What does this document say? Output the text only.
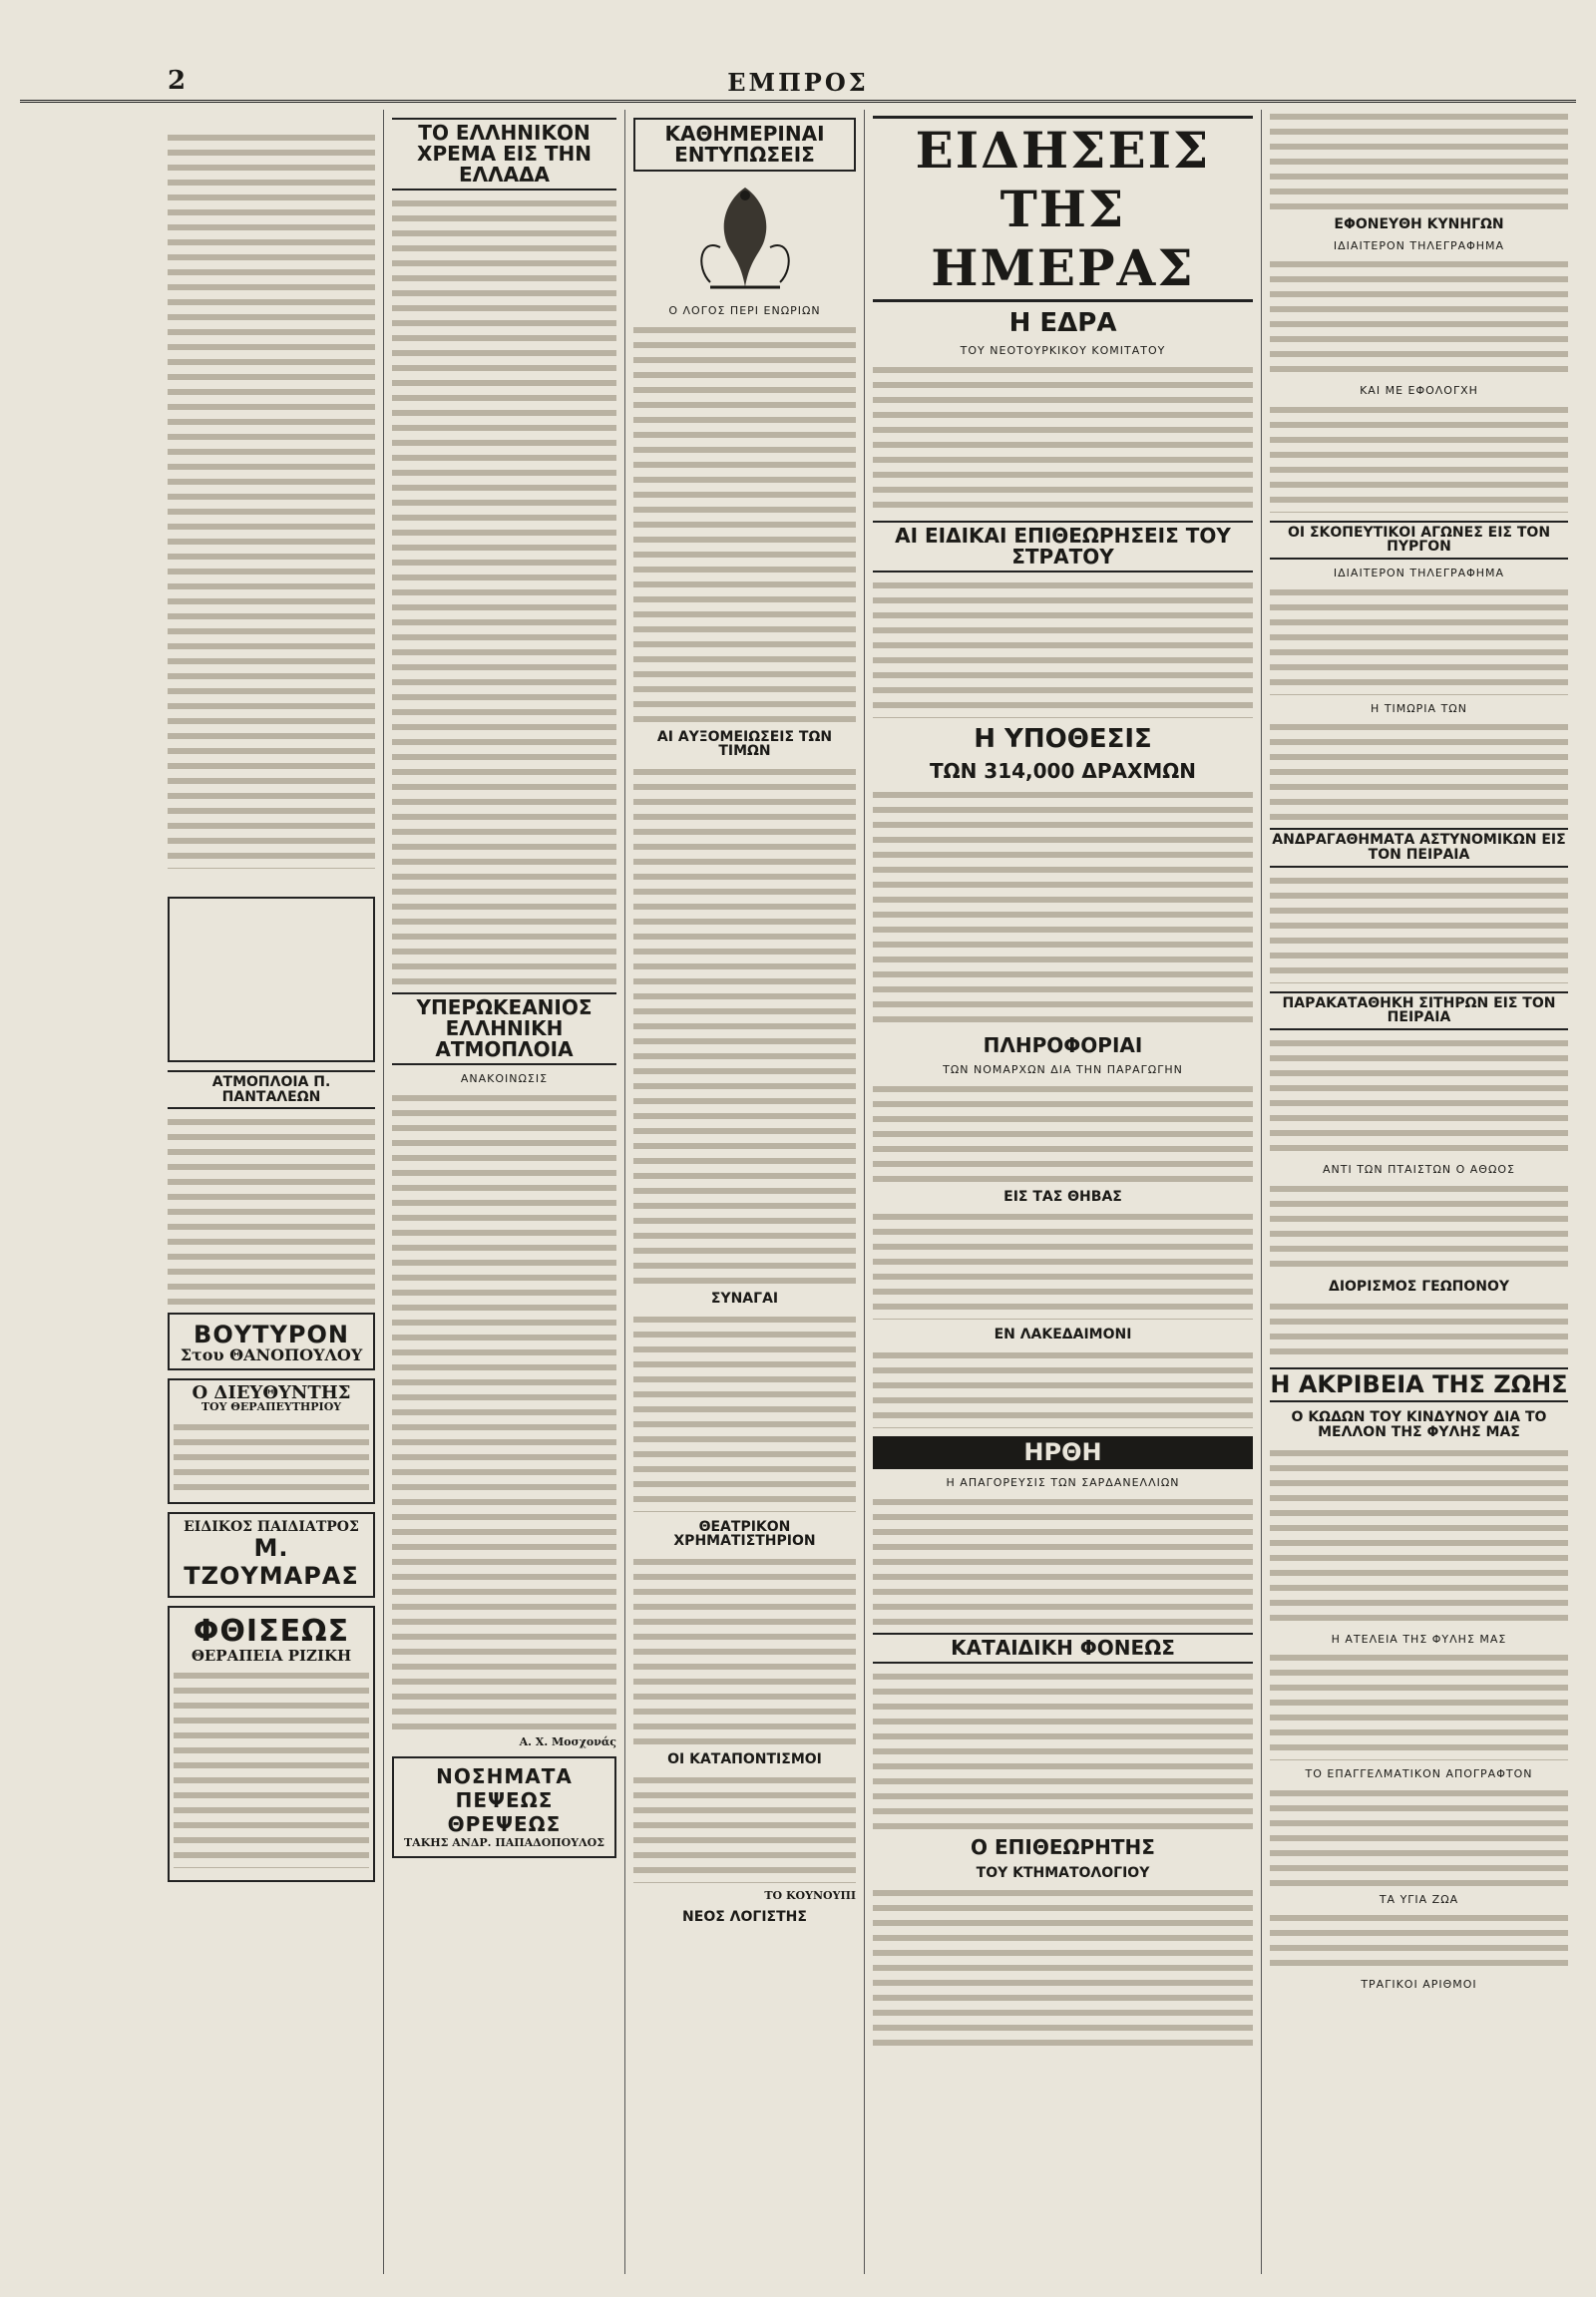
2	ΕΜΠΡΟΣ

ΑΤΜΟΠΛΟΙΑ Π. ΠΑΝΤΑΛΕΩΝ
ΒΟΥΤΥΡΟΝ
Στου ΘΑΝΟΠΟΥΛΟΥ
Ο ΔΙΕΥΘΥΝΤΗΣ
ΤΟΥ ΘΕΡΑΠΕΥΤΗΡΙΟΥ
ΕΙΔΙΚΟΣ ΠΑΙΔΙΑΤΡΟΣ
Μ. ΤΖΟΥΜΑΡΑΣ
ΦΘΙΣΕΩΣ
ΘΕΡΑΠΕΙΑ ΡΙΖΙΚΗ
ΤΟ ΕΛΛΗΝΙΚΟΝ ΧΡΕΜΑ ΕΙΣ ΤΗΝ ΕΛΛΑΔΑ
ΥΠΕΡΩΚΕΑΝΙΟΣ ΕΛΛΗΝΙΚΗ ΑΤΜΟΠΛΟΙΑ
ΑΝΑΚΟΙΝΩΣΙΣ
Α. Χ. Μοσχονάς
ΝΟΣΗΜΑΤΑ ΠΕΨΕΩΣ ΘΡΕΨΕΩΣ
ΤΑΚΗΣ ΑΝΔΡ. ΠΑΠΑΔΟΠΟΥΛΟΣ
ΚΑΘΗΜΕΡΙΝΑΙ ΕΝΤΥΠΩΣΕΙΣ
Ο ΛΟΓΟΣ ΠΕΡΙ ΕΝΩΡΙΩΝ
ΑΙ ΑΥΞΟΜΕΙΩΣΕΙΣ ΤΩΝ ΤΙΜΩΝ
ΣΥΝΑΓΑΙ
ΘΕΑΤΡΙΚΟΝ ΧΡΗΜΑΤΙΣΤΗΡΙΟΝ
ΟΙ ΚΑΤΑΠΟΝΤΙΣΜΟΙ
ΤΟ ΚΟΥΝΟΥΠΙ
ΝΕΟΣ ΛΟΓΙΣΤΗΣ
ΕΙΔΗΣΕΙΣ ΤΗΣ ΗΜΕΡΑΣ
Η ΕΔΡΑ
ΤΟΥ ΝΕΟΤΟΥΡΚΙΚΟΥ ΚΟΜΙΤΑΤΟΥ
ΑΙ ΕΙΔΙΚΑΙ ΕΠΙΘΕΩΡΗΣΕΙΣ ΤΟΥ ΣΤΡΑΤΟΥ
Η ΥΠΟΘΕΣΙΣ
ΤΩΝ 314,000 ΔΡΑΧΜΩΝ
ΠΛΗΡΟΦΟΡΙΑΙ
ΤΩΝ ΝΟΜΑΡΧΩΝ ΔΙΑ ΤΗΝ ΠΑΡΑΓΩΓΗΝ
ΕΙΣ ΤΑΣ ΘΗΒΑΣ
ΕΝ ΛΑΚΕΔΑΙΜΟΝΙ
ΗΡΘΗ
Η ΑΠΑΓΟΡΕΥΣΙΣ ΤΩΝ ΣΑΡΔΑΝΕΛΛΙΩΝ
ΚΑΤΑΙΔΙΚΗ ΦΟΝΕΩΣ
Ο ΕΠΙΘΕΩΡΗΤΗΣ
ΤΟΥ ΚΤΗΜΑΤΟΛΟΓΙΟΥ
ΕΦΟΝΕΥΘΗ ΚΥΝΗΓΩΝ
ΙΔΙΑΙΤΕΡΟΝ ΤΗΛΕΓΡΑΦΗΜΑ
ΚΑΙ ΜΕ ΕΦΟΛΟΓΧΗ
ΟΙ ΣΚΟΠΕΥΤΙΚΟΙ ΑΓΩΝΕΣ ΕΙΣ ΤΟΝ ΠΥΡΓΟΝ
ΙΔΙΑΙΤΕΡΟΝ ΤΗΛΕΓΡΑΦΗΜΑ
Η ΤΙΜΩΡΙΑ ΤΩΝ
ΑΝΔΡΑΓΑΘΗΜΑΤΑ ΑΣΤΥΝΟΜΙΚΩΝ ΕΙΣ ΤΟΝ ΠΕΙΡΑΙΑ
ΠΑΡΑΚΑΤΑΘΗΚΗ ΣΙΤΗΡΩΝ ΕΙΣ ΤΟΝ ΠΕΙΡΑΙΑ
ΑΝΤΙ ΤΩΝ ΠΤΑΙΣΤΩΝ Ο ΑΘΩΟΣ
ΔΙΟΡΙΣΜΟΣ ΓΕΩΠΟΝΟΥ
Η ΑΚΡΙΒΕΙΑ ΤΗΣ ΖΩΗΣ
Ο ΚΩΔΩΝ ΤΟΥ ΚΙΝΔΥΝΟΥ ΔΙΑ ΤΟ ΜΕΛΛΟΝ ΤΗΣ ΦΥΛΗΣ ΜΑΣ
Η ΑΤΕΛΕΙΑ ΤΗΣ ΦΥΛΗΣ ΜΑΣ
ΤΟ ΕΠΑΓΓΕΛΜΑΤΙΚΟΝ ΑΠΟΓΡΑΦΤΟΝ
ΤΑ ΥΓΙΑ ΖΩΑ
ΤΡΑΓΙΚΟΙ ΑΡΙΘΜΟΙ
